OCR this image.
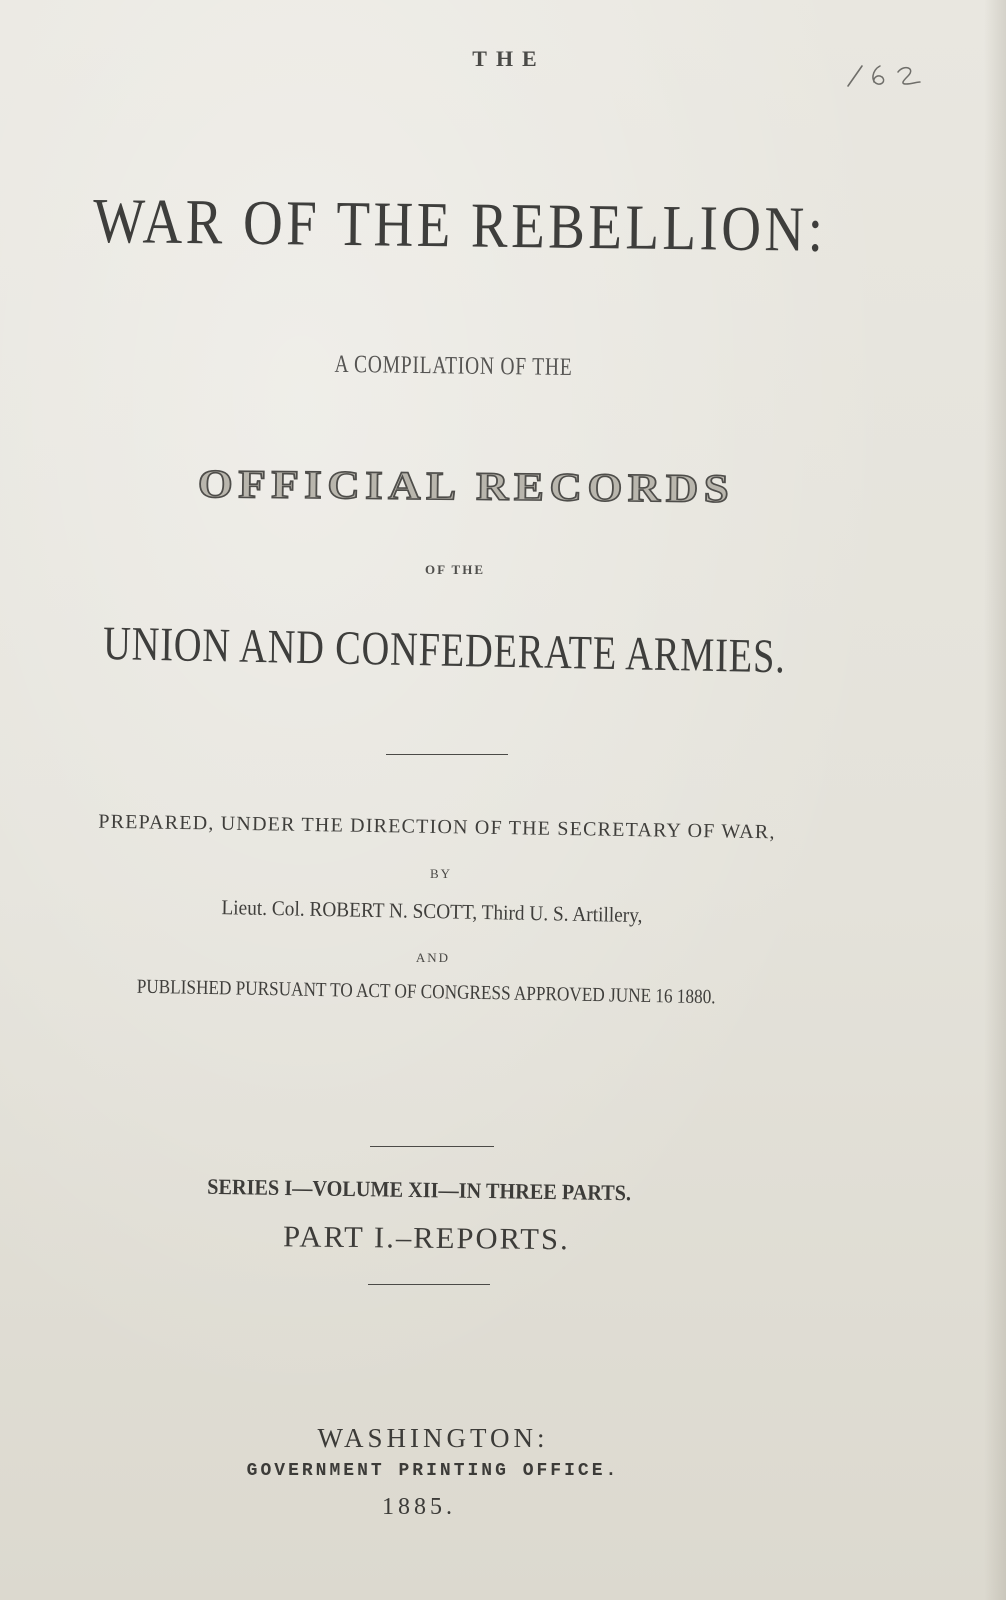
THE
WAR OF THE REBELLION:
A COMPILATION OF THE
OFFICIAL RECORDS
OF THE
UNION AND CONFEDERATE ARMIES.
PREPARED, UNDER THE DIRECTION OF THE SECRETARY OF WAR,
BY
Lieut. Col. ROBERT N. SCOTT, Third U. S. Artillery,
AND
PUBLISHED PURSUANT TO ACT OF CONGRESS APPROVED JUNE 16 1880.
SERIES I—VOLUME XII—IN THREE PARTS.
PART I.–REPORTS.
WASHINGTON:
GOVERNMENT PRINTING OFFICE.
1885.
